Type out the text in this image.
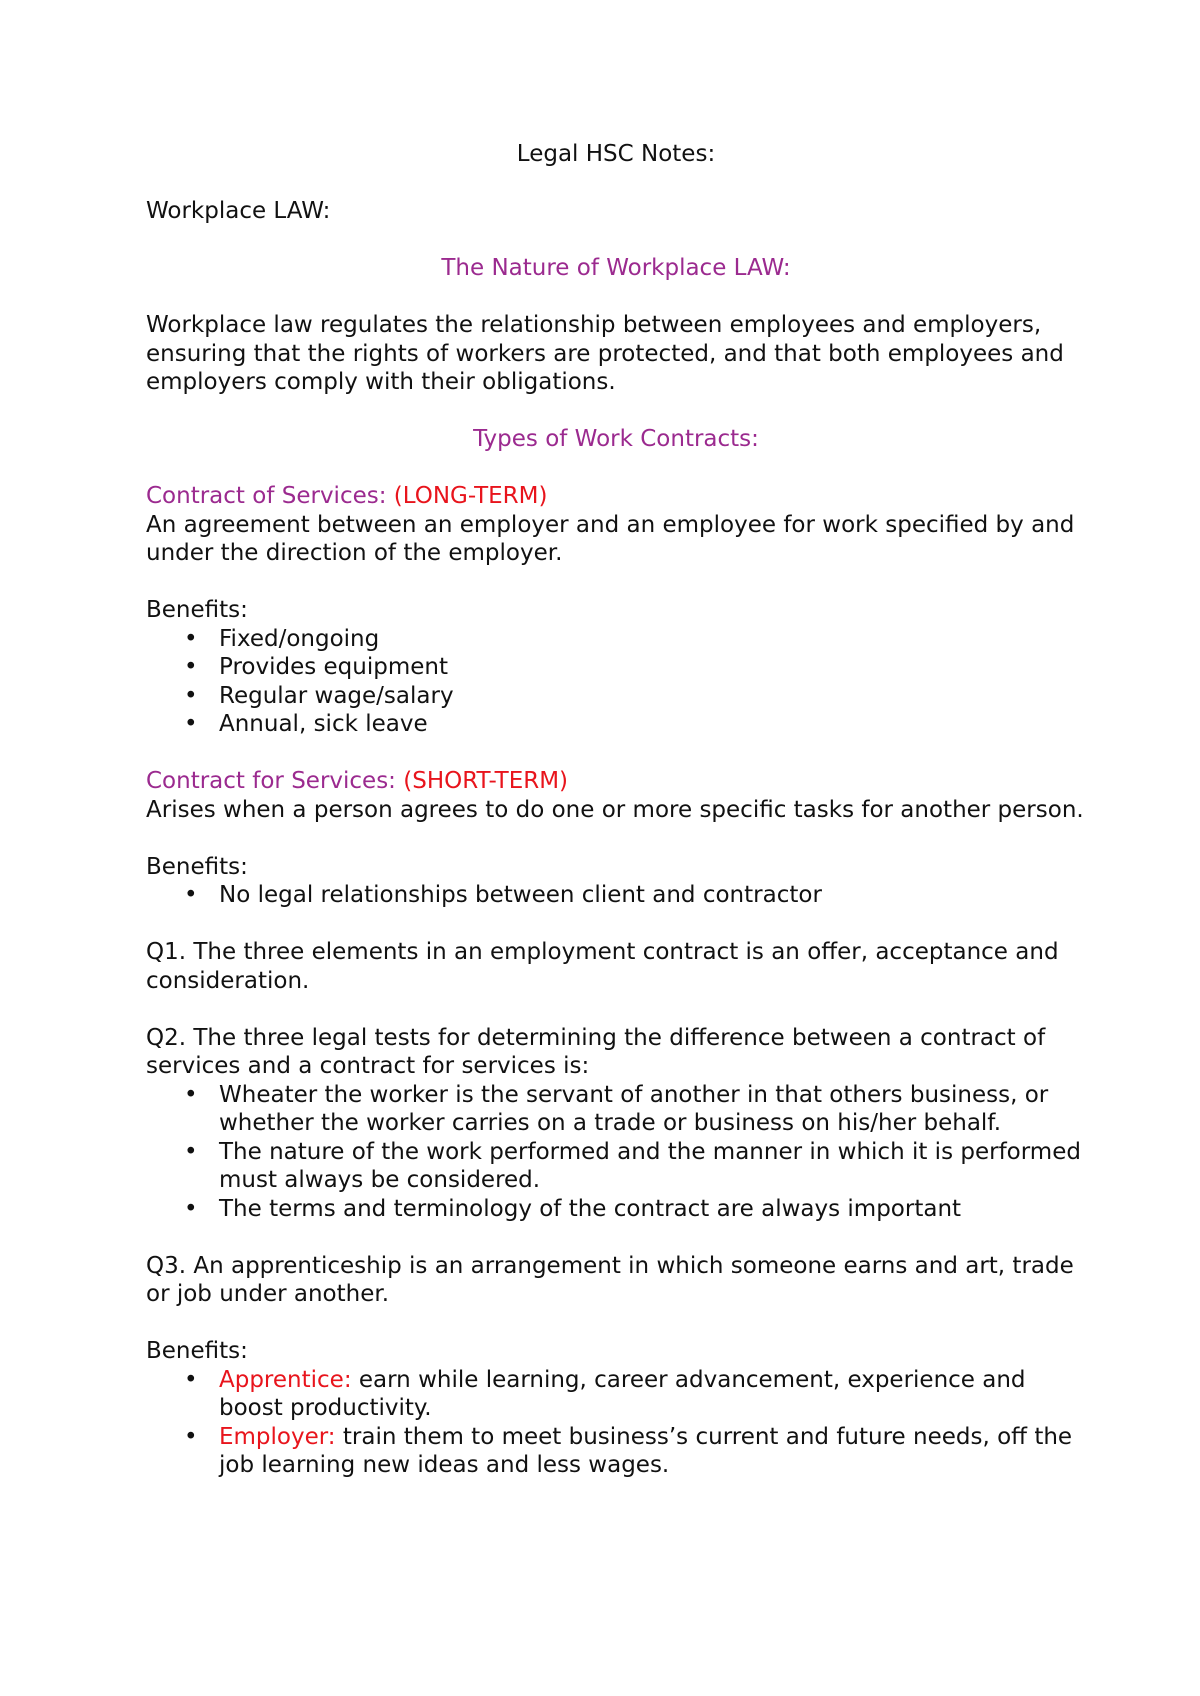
Legal HSC Notes:

Workplace LAW:

The Nature of Workplace LAW:

Workplace law regulates the relationship between employees and employers, ensuring that the rights of workers are protected, and that both employees and employers comply with their obligations.

Types of Work Contracts:

Contract of Services: (LONG-TERM)

An agreement between an employer and an employee for work specified by and under the direction of the employer.

Benefits:

• Fixed/ongoing
• Provides equipment
• Regular wage/salary
• Annual, sick leave

Contract for Services: (SHORT-TERM)

Arises when a person agrees to do one or more specific tasks for another person.

Benefits:

• No legal relationships between client and contractor

Q1. The three elements in an employment contract is an offer, acceptance and consideration.

Q2. The three legal tests for determining the difference between a contract of services and a contract for services is:

• Wheater the worker is the servant of another in that others business, or whether the worker carries on a trade or business on his/her behalf.
• The nature of the work performed and the manner in which it is performed must always be considered.
• The terms and terminology of the contract are always important

Q3. An apprenticeship is an arrangement in which someone earns and art, trade or job under another.

Benefits:

• Apprentice: earn while learning, career advancement, experience and boost productivity.
• Employer: train them to meet business’s current and future needs, off the job learning new ideas and less wages.
